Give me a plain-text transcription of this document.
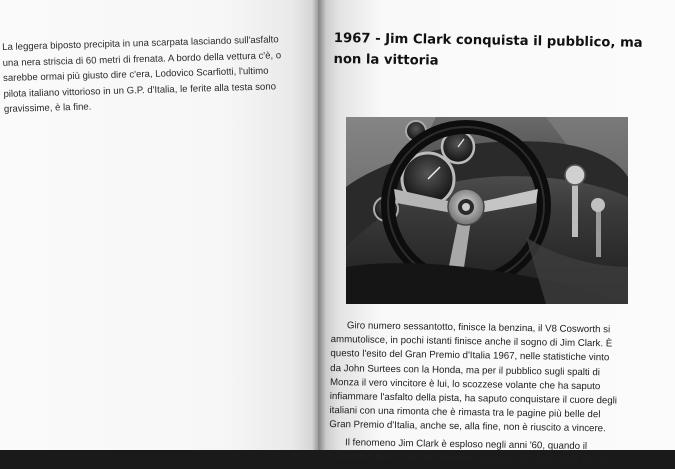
La leggera biposto precipita in una scarpata lasciando sull'asfalto
una nera striscia di 60 metri di frenata. A bordo della vettura c'è, o
sarebbe ormai più giusto dire c'era, Lodovico Scarfiotti, l'ultimo
pilota italiano vittorioso in un G.P. d'Italia, le ferite alla testa sono
gravissime, è la fine.
1967 - Jim Clark conquista il pubblico, ma
non la vittoria
Giro numero sessantotto, finisce la benzina, il V8 Cosworth si
ammutolisce, in pochi istanti finisce anche il sogno di Jim Clark. È
questo l'esito del Gran Premio d'Italia 1967, nelle statistiche vinto
da John Surtees con la Honda, ma per il pubblico sugli spalti di
Monza il vero vincitore è lui, lo scozzese volante che ha saputo
infiammare l'asfalto della pista, ha saputo conquistare il cuore degli
italiani con una rimonta che è rimasta tra le pagine più belle del
Gran Premio d'Italia, anche se, alla fine, non è riuscito a vincere.
Il fenomeno Jim Clark è esploso negli anni '60, quando il
campione della Lotus ha dominato la scena dei gran premi con la
